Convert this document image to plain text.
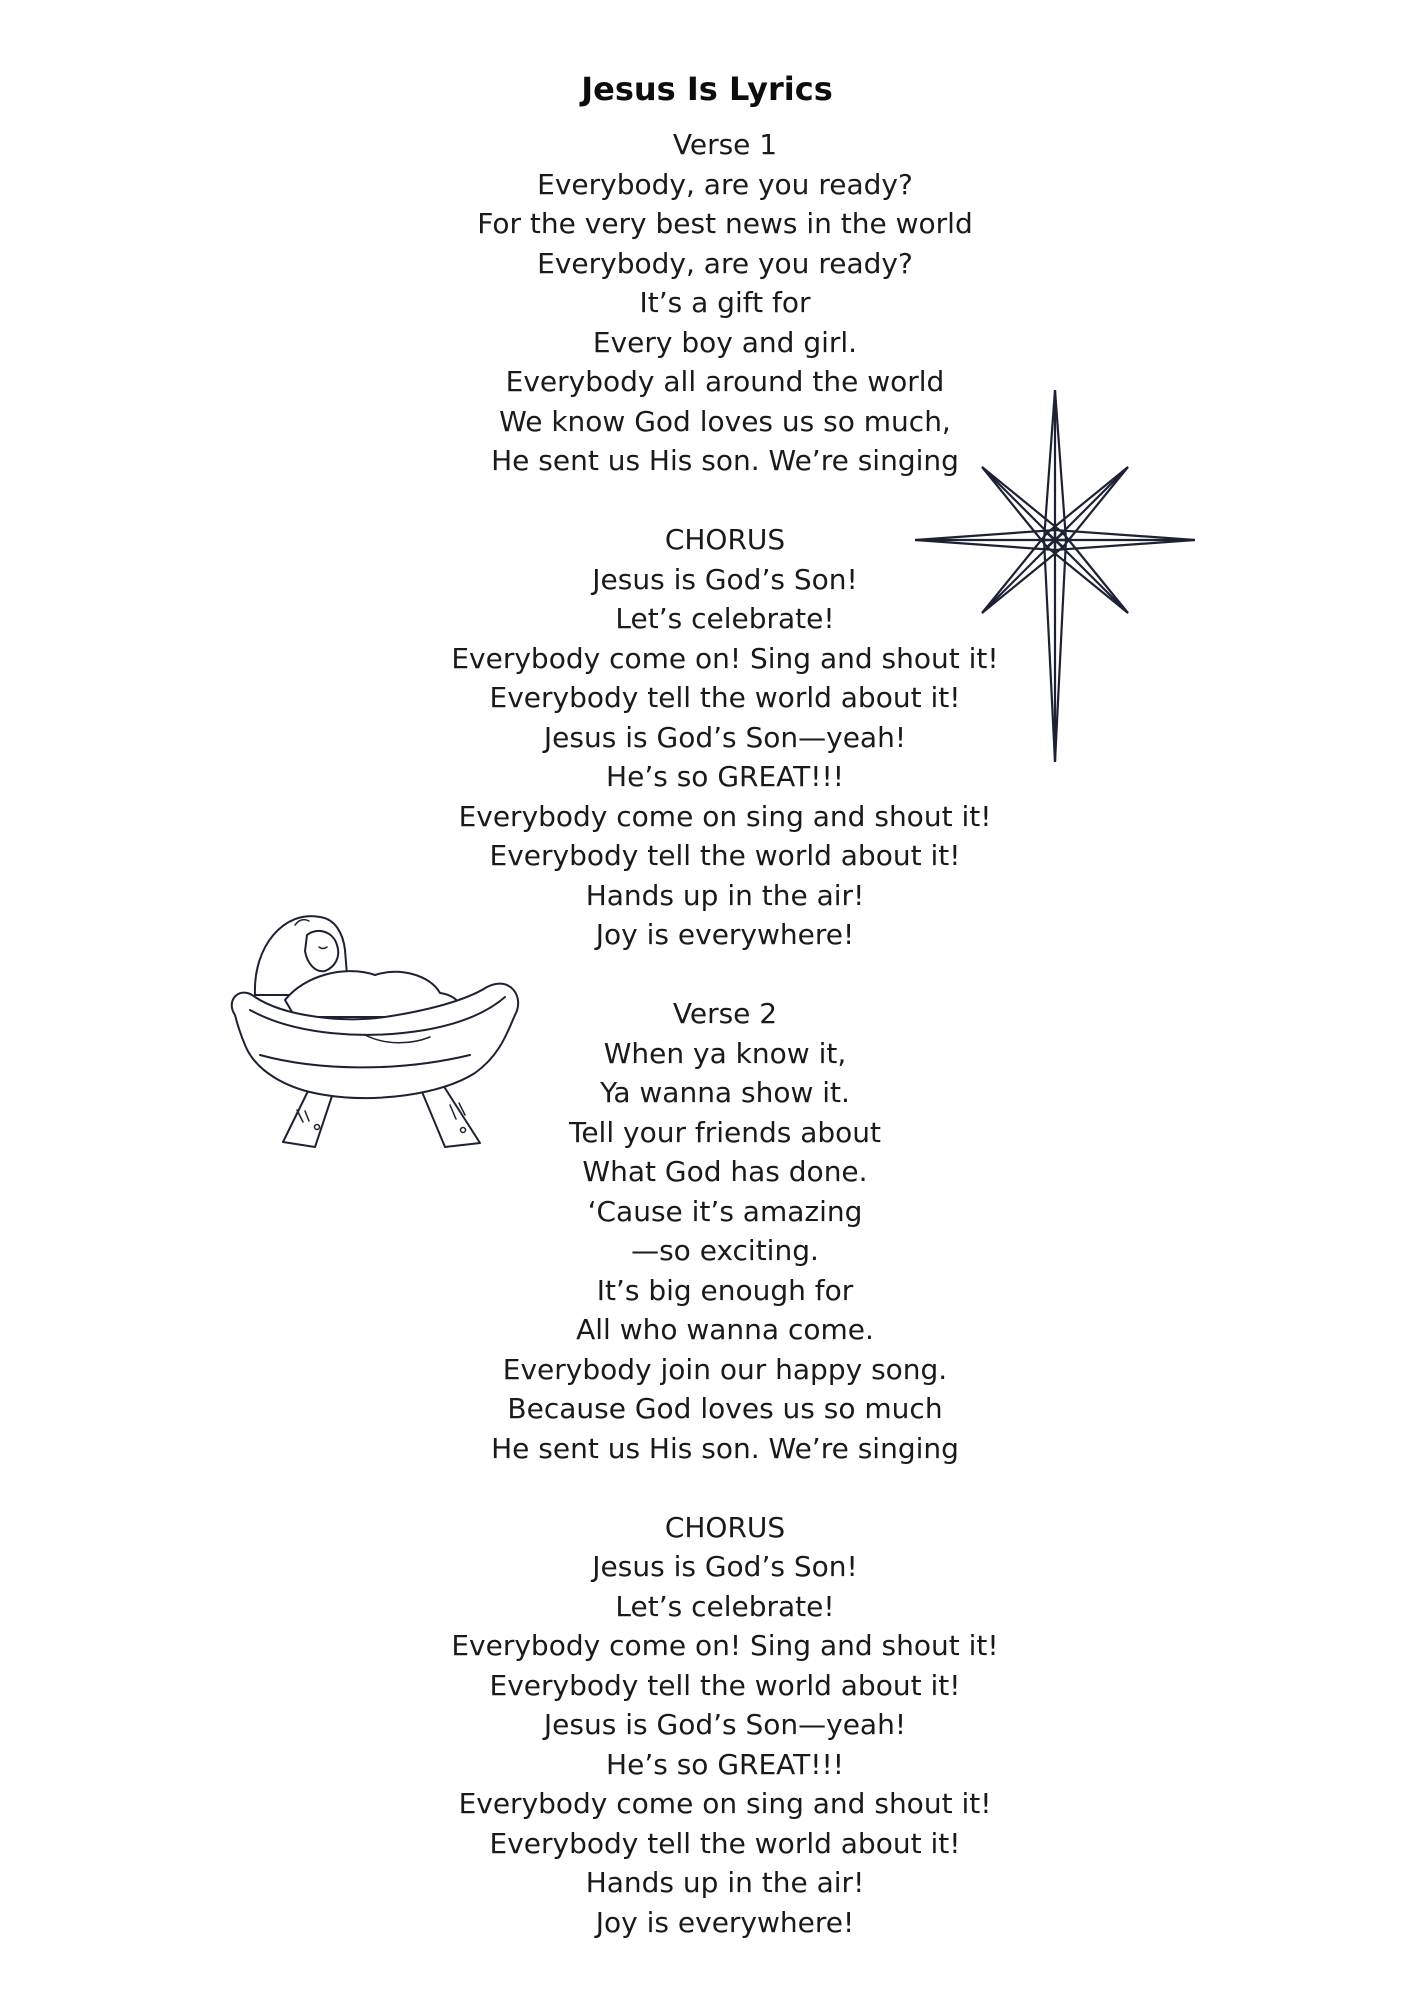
Jesus Is Lyrics
Verse 1
Everybody, are you ready?
For the very best news in the world
Everybody, are you ready?
It’s a gift for
Every boy and girl.
Everybody all around the world
We know God loves us so much,
He sent us His son. We’re singing
CHORUS
Jesus is God’s Son!
Let’s celebrate!
Everybody come on! Sing and shout it!
Everybody tell the world about it!
Jesus is God’s Son—yeah!
He’s so GREAT!!!
Everybody come on sing and shout it!
Everybody tell the world about it!
Hands up in the air!
Joy is everywhere!
Verse 2
When ya know it,
Ya wanna show it.
Tell your friends about
What God has done.
‘Cause it’s amazing
—so exciting.
It’s big enough for
All who wanna come.
Everybody join our happy song.
Because God loves us so much
He sent us His son. We’re singing
CHORUS
Jesus is God’s Son!
Let’s celebrate!
Everybody come on! Sing and shout it!
Everybody tell the world about it!
Jesus is God’s Son—yeah!
He’s so GREAT!!!
Everybody come on sing and shout it!
Everybody tell the world about it!
Hands up in the air!
Joy is everywhere!
